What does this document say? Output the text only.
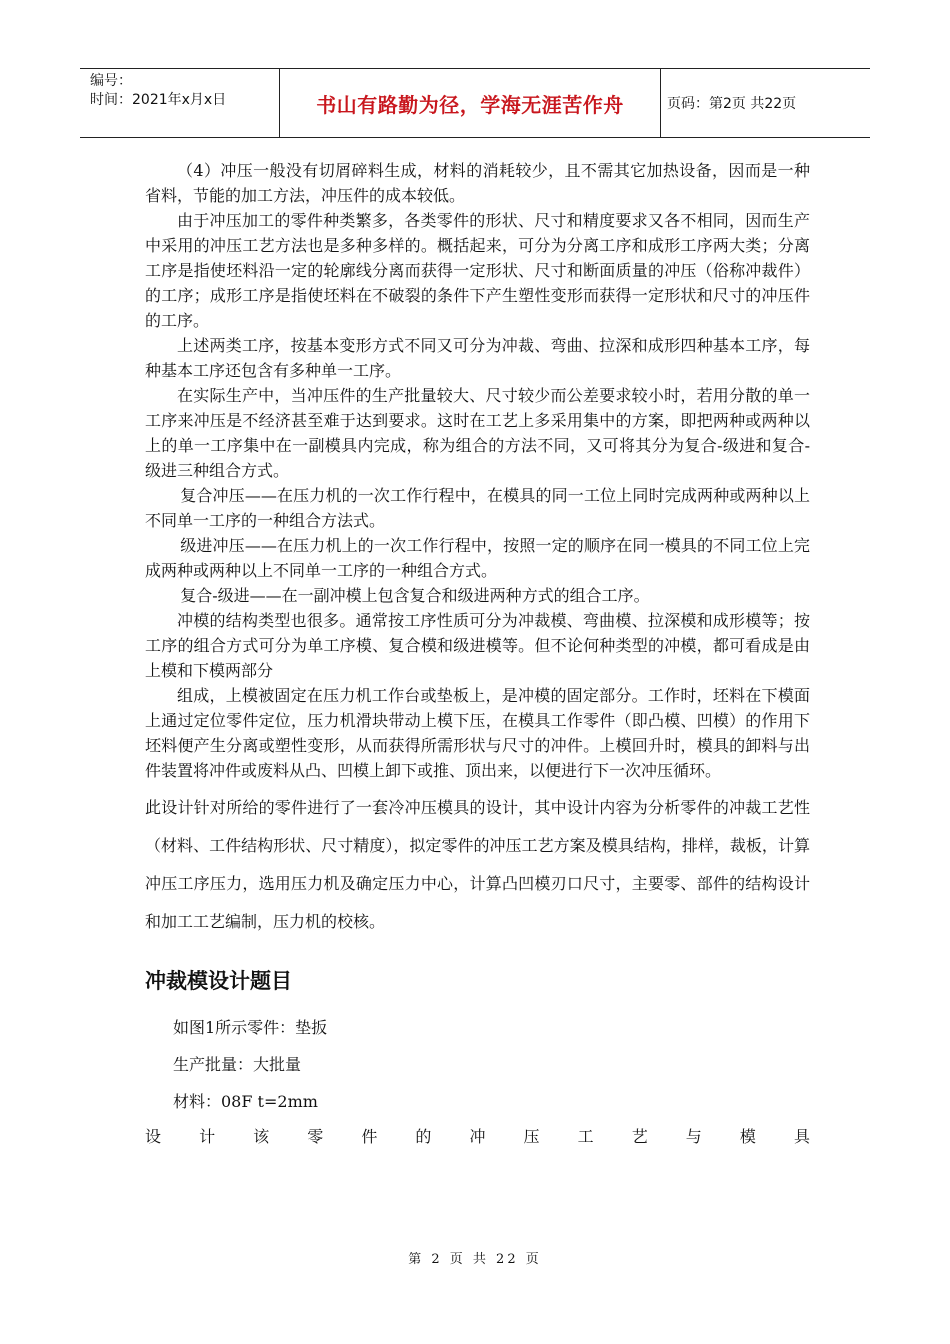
编号：
时间：2021年x月x日	书山有路勤为径，学海无涯苦作舟	页码：第2页 共22页

（4）冲压一般没有切屑碎料生成，材料的消耗较少，且不需其它加热设备，因而是一种省料，节能的加工方法，冲压件的成本较低。

由于冲压加工的零件种类繁多，各类零件的形状、尺寸和精度要求又各不相同，因而生产中采用的冲压工艺方法也是多种多样的。概括起来，可分为分离工序和成形工序两大类；分离工序是指使坯料沿一定的轮廓线分离而获得一定形状、尺寸和断面质量的冲压（俗称冲裁件）的工序；成形工序是指使坯料在不破裂的条件下产生塑性变形而获得一定形状和尺寸的冲压件的工序。

上述两类工序，按基本变形方式不同又可分为冲裁、弯曲、拉深和成形四种基本工序，每种基本工序还包含有多种单一工序。

在实际生产中，当冲压件的生产批量较大、尺寸较少而公差要求较小时，若用分散的单一工序来冲压是不经济甚至难于达到要求。这时在工艺上多采用集中的方案，即把两种或两种以上的单一工序集中在一副模具内完成，称为组合的方法不同，又可将其分为复合-级进和复合-级进三种组合方式。

复合冲压——在压力机的一次工作行程中，在模具的同一工位上同时完成两种或两种以上不同单一工序的一种组合方法式。

级进冲压——在压力机上的一次工作行程中，按照一定的顺序在同一模具的不同工位上完成两种或两种以上不同单一工序的一种组合方式。

复合-级进——在一副冲模上包含复合和级进两种方式的组合工序。

冲模的结构类型也很多。通常按工序性质可分为冲裁模、弯曲模、拉深模和成形模等；按工序的组合方式可分为单工序模、复合模和级进模等。但不论何种类型的冲模，都可看成是由上模和下模两部分

组成，上模被固定在压力机工作台或垫板上，是冲模的固定部分。工作时，坯料在下模面上通过定位零件定位，压力机滑块带动上模下压，在模具工作零件（即凸模、凹模）的作用下坯料便产生分离或塑性变形，从而获得所需形状与尺寸的冲件。上模回升时，模具的卸料与出件装置将冲件或废料从凸、凹模上卸下或推、顶出来，以便进行下一次冲压循环。

此设计针对所给的零件进行了一套冷冲压模具的设计，其中设计内容为分析零件的冲裁工艺性（材料、工件结构形状、尺寸精度），拟定零件的冲压工艺方案及模具结构，排样，裁板，计算冲压工序压力，选用压力机及确定压力中心，计算凸凹模刃口尺寸，主要零、部件的结构设计和加工工艺编制，压力机的校核。

冲裁模设计题目

如图1所示零件：垫扳

生产批量：大批量

材料：08F t=2mm

设 计 该 零 件 的 冲 压 工 艺 与 模 具
第 2 页 共 22 页
